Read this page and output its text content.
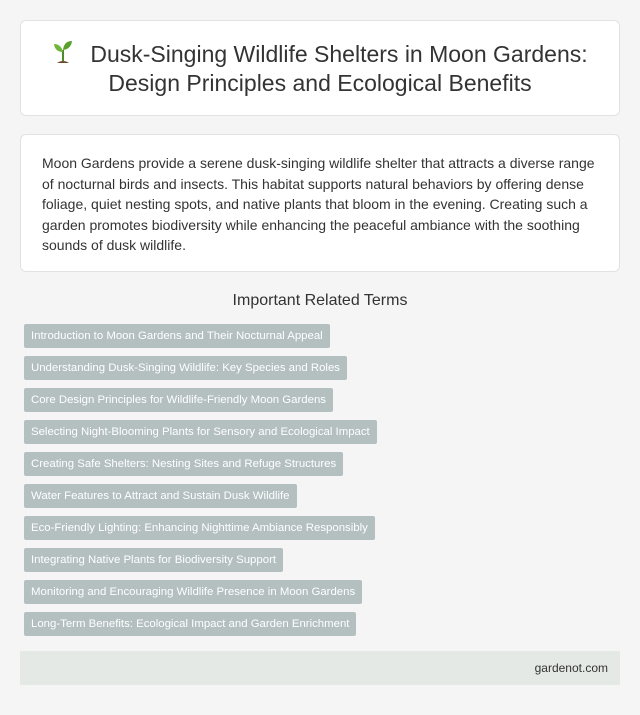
Dusk-Singing Wildlife Shelters in Moon Gardens: Design Principles and Ecological Benefits

Moon Gardens provide a serene dusk-singing wildlife shelter that attracts a diverse range of nocturnal birds and insects. This habitat supports natural behaviors by offering dense foliage, quiet nesting spots, and native plants that bloom in the evening. Creating such a garden promotes biodiversity while enhancing the peaceful ambiance with the soothing sounds of dusk wildlife.

Important Related Terms
Introduction to Moon Gardens and Their Nocturnal Appeal
Understanding Dusk-Singing Wildlife: Key Species and Roles
Core Design Principles for Wildlife-Friendly Moon Gardens
Selecting Night-Blooming Plants for Sensory and Ecological Impact
Creating Safe Shelters: Nesting Sites and Refuge Structures
Water Features to Attract and Sustain Dusk Wildlife
Eco-Friendly Lighting: Enhancing Nighttime Ambiance Responsibly
Integrating Native Plants for Biodiversity Support
Monitoring and Encouraging Wildlife Presence in Moon Gardens
Long-Term Benefits: Ecological Impact and Garden Enrichment
gardenot.com
